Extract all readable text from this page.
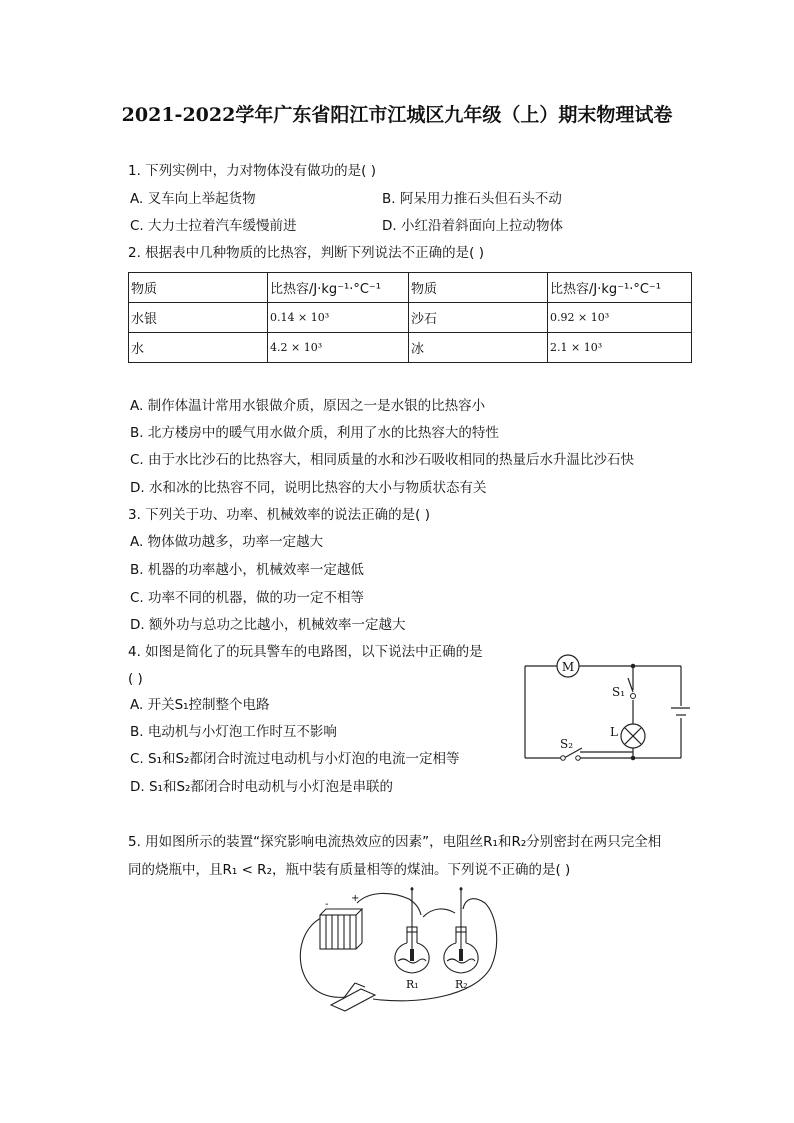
2021-2022学年广东省阳江市江城区九年级（上）期末物理试卷
1. 下列实例中，力对物体没有做功的是( )
A. 叉车向上举起货物	B. 阿呆用力推石头但石头不动
C. 大力士拉着汽车缓慢前进	D. 小红沿着斜面向上拉动物体
2. 根据表中几种物质的比热容，判断下列说法不正确的是( )
物质	比热容/J·kg⁻¹·°C⁻¹	物质	比热容/J·kg⁻¹·°C⁻¹
水银	0.14 × 10³	沙石	0.92 × 10³
水	4.2 × 10³	冰	2.1 × 10³
A. 制作体温计常用水银做介质，原因之一是水银的比热容小
B. 北方楼房中的暖气用水做介质，利用了水的比热容大的特性
C. 由于水比沙石的比热容大，相同质量的水和沙石吸收相同的热量后水升温比沙石快
D. 水和冰的比热容不同，说明比热容的大小与物质状态有关
3. 下列关于功、功率、机械效率的说法正确的是( )
A. 物体做功越多，功率一定越大
B. 机器的功率越小，机械效率一定越低
C. 功率不同的机器，做的功一定不相等
D. 额外功与总功之比越小，机械效率一定越大
4. 如图是简化了的玩具警车的电路图，以下说法中正确的是
( )
A. 开关S₁控制整个电路
B. 电动机与小灯泡工作时互不影响
C. S₁和S₂都闭合时流过电动机与小灯泡的电流一定相等
D. S₁和S₂都闭合时电动机与小灯泡是串联的
M
S₁
L
S₂
5. 用如图所示的装置“探究影响电流热效应的因素”，电阻丝R₁和R₂分别密封在两只完全相
同的烧瓶中，且R₁ < R₂，瓶中装有质量相等的煤油。下列说不正确的是( )
-
+
R₁	R₂
